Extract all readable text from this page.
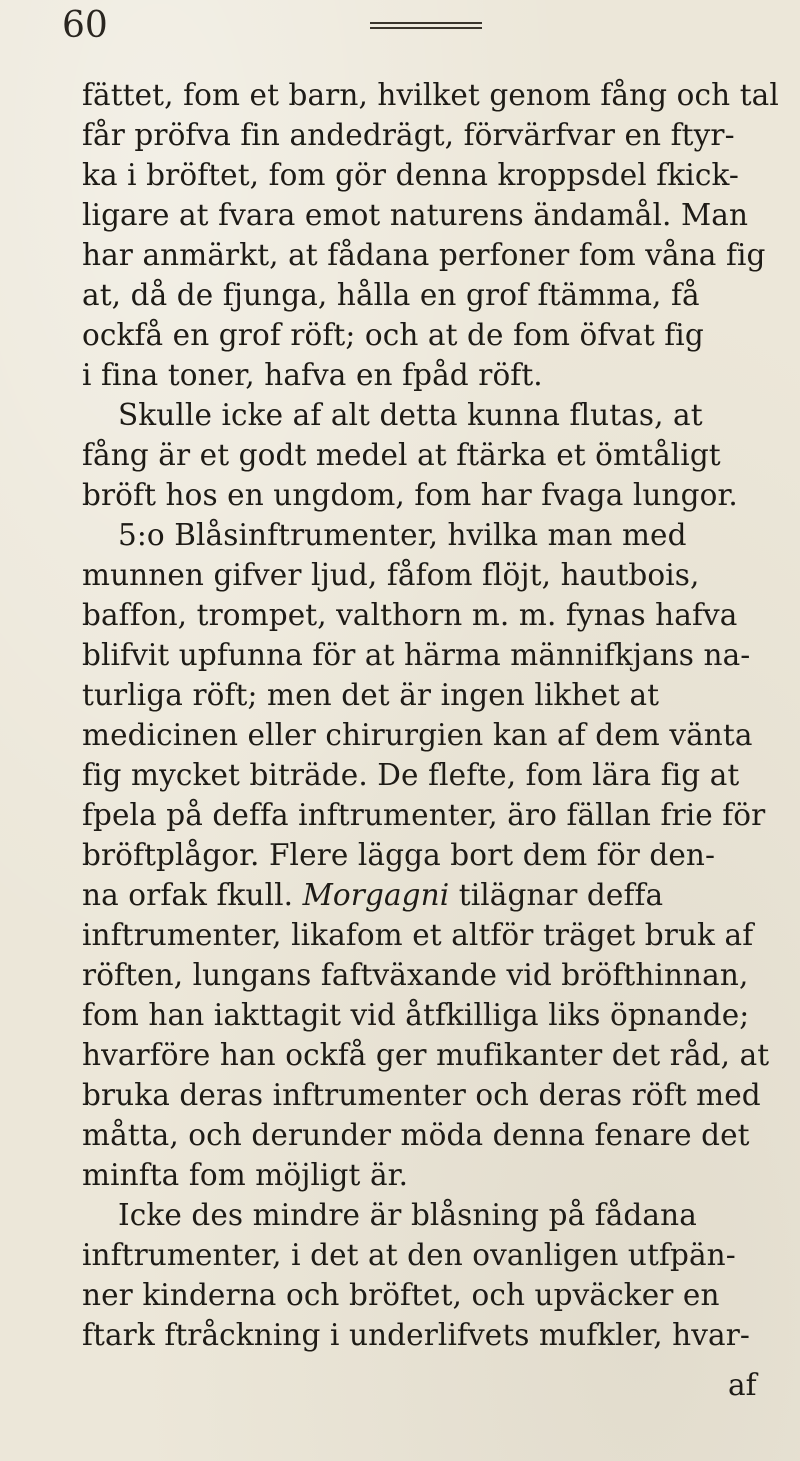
60
fättet, fom et barn, hvilket genom fång och tal
får pröfva fin andedrägt, förvärfvar en ftyr-
ka i bröftet, fom gör denna kroppsdel fkick-
ligare at fvara emot naturens ändamål. Man
har anmärkt, at fådana perfoner fom våna fig
at, då de fjunga, hålla en grof ftämma, få
ockfå en grof röft; och at de fom öfvat fig
i fina toner, hafva en fpåd röft.
Skulle icke af alt detta kunna flutas, at
fång är et godt medel at ftärka et ömtåligt
bröft hos en ungdom, fom har fvaga lungor.
5:o Blåsinftrumenter, hvilka man med
munnen gifver ljud, fåfom flöjt, hautbois,
baffon, trompet, valthorn m. m. fynas hafva
blifvit upfunna för at härma männifkjans na-
turliga röft; men det är ingen likhet at
medicinen eller chirurgien kan af dem vänta
fig mycket biträde. De flefte, fom lära fig at
fpela på deffa inftrumenter, äro fällan frie för
bröftplågor. Flere lägga bort dem för den-
na orfak fkull. Morgagni tilägnar deffa
inftrumenter, likafom et altför träget bruk af
röften, lungans faftväxande vid bröfthinnan,
fom han iakttagit vid åtfkilliga liks öpnande;
hvarföre han ockfå ger mufikanter det råd, at
bruka deras inftrumenter och deras röft med
måtta, och derunder möda denna fenare det
minfta fom möjligt är.
Icke des mindre är blåsning på fådana
inftrumenter, i det at den ovanligen utfpän-
ner kinderna och bröftet, och upväcker en
ftark ftråckning i underlifvets mufkler, hvar-
af
